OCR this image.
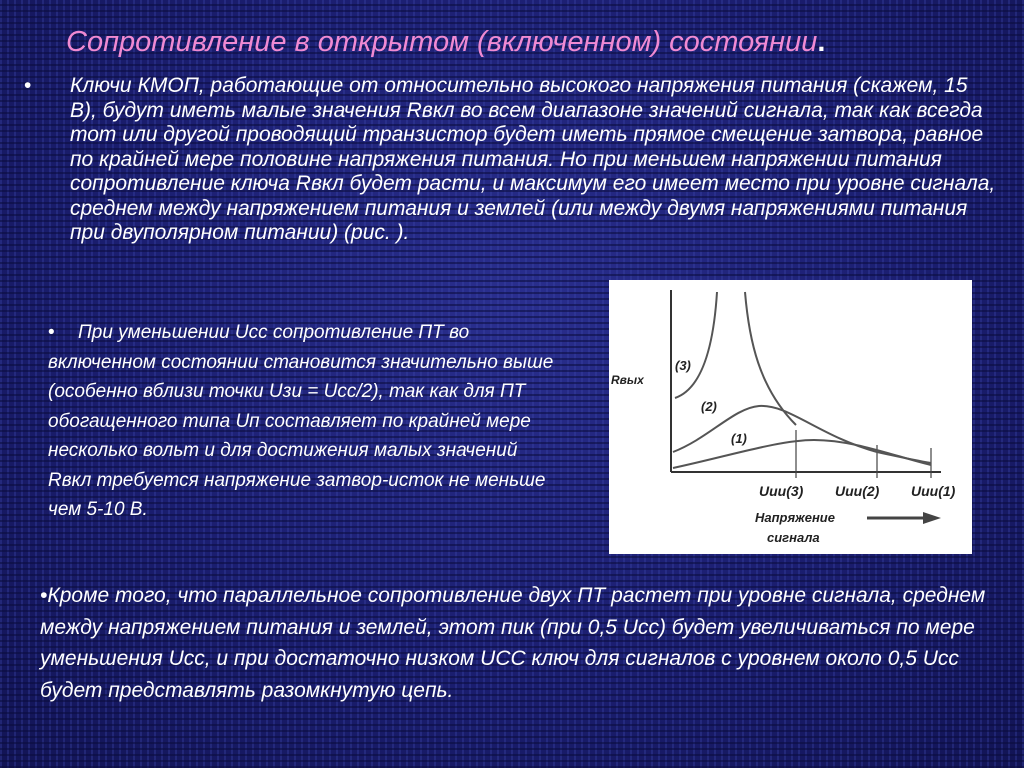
Сопротивление в открытом (включенном) состоянии.
•	Ключи КМОП, работающие от относительно высокого напряжения питания (скажем, 15 В), будут иметь малые значения Rвкл во всем диапазоне значений сигнала, так как всегда тот или другой проводящий транзистор будет иметь прямое смещение затвора, равное по крайней мере половине напряжения питания. Но при меньшем напряжении питания сопротивление ключа Rвкл будет расти, и максимум его имеет место при уровне сигнала, среднем между напряжением питания и землей (или между двумя напряжениями питания при двуполярном питании) (рис. ).
• При уменьшении Ucc сопротивление ПТ во включенном состоянии становится значительно выше (особенно вблизи точки Uзи = Ucc/2), так как для ПТ обогащенного типа Uп составляет по крайней мере несколько вольт и для достижения малых значений Rвкл требуется напряжение затвор-исток не меньше чем 5-10 В.
Rвых
(3)
(2)
(1)
Uии(3) Uии(2) Uии(1)
Напряжение
сигнала
•Кроме того, что параллельное сопротивление двух ПТ растет при уровне сигнала, среднем между напряжением питания и землей, этот пик (при 0,5 Ucc) будет увеличиваться по мере уменьшения Ucc, и при достаточно низком UCC ключ для сигналов с уровнем около 0,5 Ucc будет представлять разомкнутую цепь.
